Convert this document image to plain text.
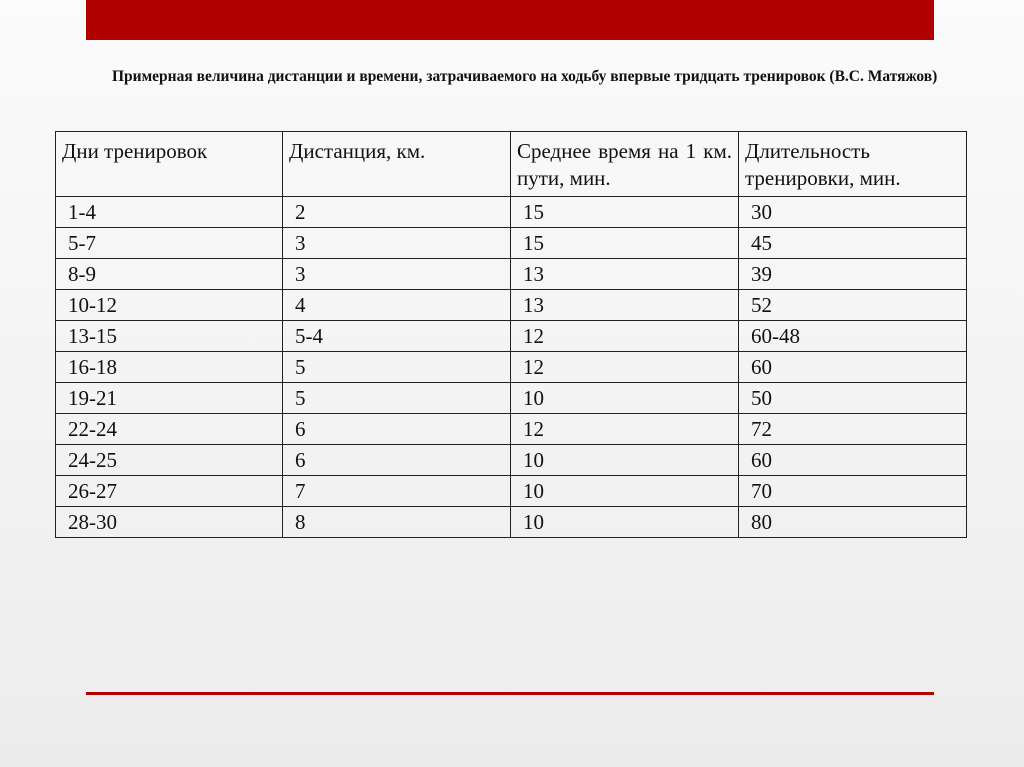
Примерная величина дистанции и времени, затрачиваемого на ходьбу впервые тридцать тренировок (В.С. Матяжов)
Дни тренировок	Дистанция, км.	Среднее время на 1 км. пути, мин.	Длительность тренировки, мин.
1-4	2	15	30
5-7	3	15	45
8-9	3	13	39
10-12	4	13	52
13-15	5-4	12	60-48
16-18	5	12	60
19-21	5	10	50
22-24	6	12	72
24-25	6	10	60
26-27	7	10	70
28-30	8	10	80
